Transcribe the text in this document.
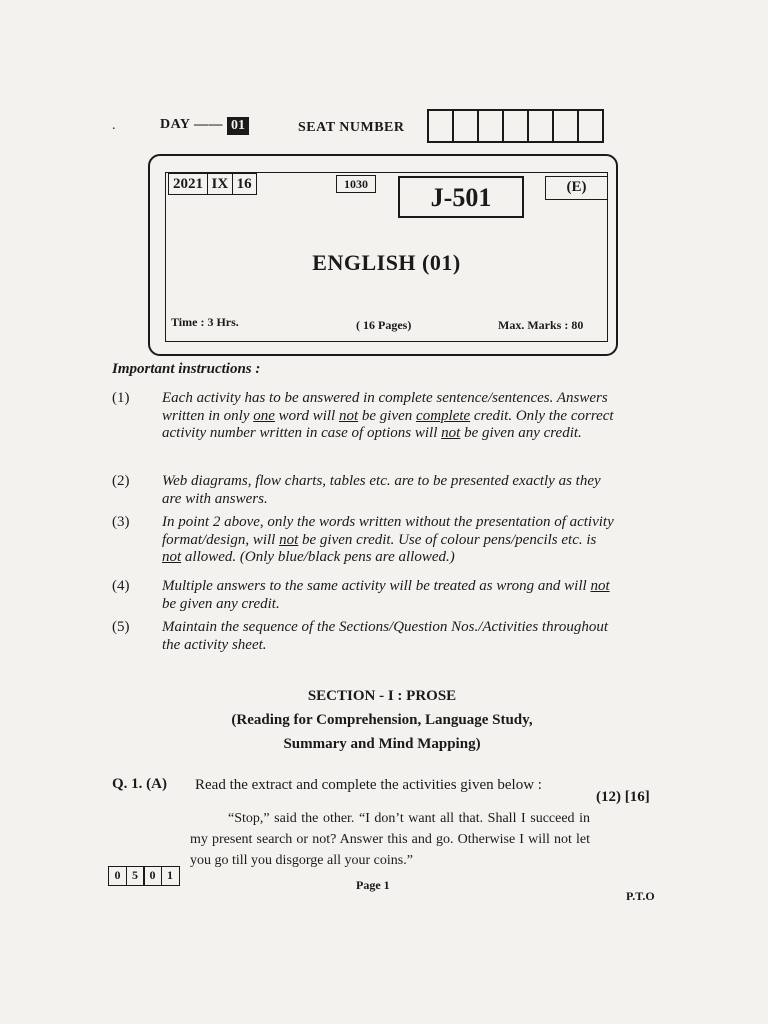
.	DAY —— 01	SEAT NUMBER
2021 IX 16	1030	J-501	(E)
ENGLISH (01)
Time : 3 Hrs.	( 16 Pages)	Max. Marks : 80
Important instructions :
(1)	Each activity has to be answered in complete sentence/sentences. Answers written in only one word will not be given complete credit. Only the correct activity number written in case of options will not be given any credit.
(2)	Web diagrams, flow charts, tables etc. are to be presented exactly as they are with answers.
(3)	In point 2 above, only the words written without the presentation of activity format/design, will not be given credit. Use of colour pens/pencils etc. is not allowed. (Only blue/black pens are allowed.)
(4)	Multiple answers to the same activity will be treated as wrong and will not be given any credit.
(5)	Maintain the sequence of the Sections/Question Nos./Activities throughout the activity sheet.
SECTION - I : PROSE
(Reading for Comprehension, Language Study,
Summary and Mind Mapping)
Q. 1. (A) Read the extract and complete the activities given below :
(12) [16]
“Stop,” said the other. “I don’t want all that. Shall I succeed in my present search or not? Answer this and go. Otherwise I will not let you go till you disgorge all your coins.”
0 5 0 1
Page 1
P.T.O
